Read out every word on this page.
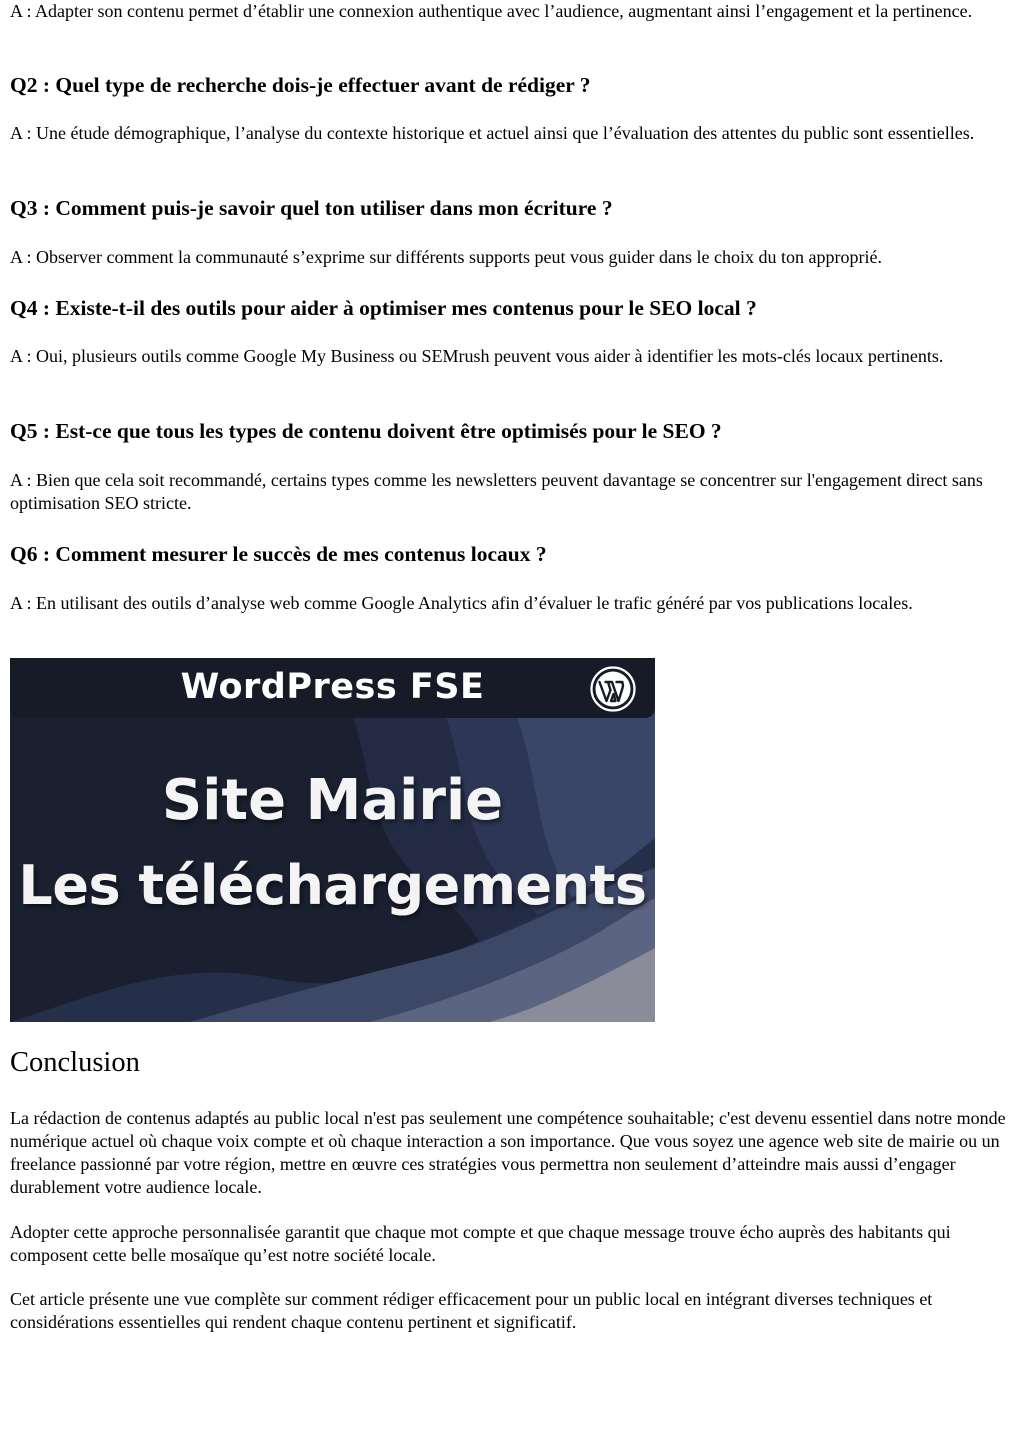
A : Adapter son contenu permet d’établir une connexion authentique avec l’audience, augmentant ainsi l’engagement et la pertinence.

Q2 : Quel type de recherche dois-je effectuer avant de rédiger ?

A : Une étude démographique, l’analyse du contexte historique et actuel ainsi que l’évaluation des attentes du public sont essentielles.

Q3 : Comment puis-je savoir quel ton utiliser dans mon écriture ?

A : Observer comment la communauté s’exprime sur différents supports peut vous guider dans le choix du ton approprié.

Q4 : Existe-t-il des outils pour aider à optimiser mes contenus pour le SEO local ?

A : Oui, plusieurs outils comme Google My Business ou SEMrush peuvent vous aider à identifier les mots-clés locaux pertinents.

Q5 : Est-ce que tous les types de contenu doivent être optimisés pour le SEO ?

A : Bien que cela soit recommandé, certains types comme les newsletters peuvent davantage se concentrer sur l'engagement direct sans optimisation SEO stricte.

Q6 : Comment mesurer le succès de mes contenus locaux ?

A : En utilisant des outils d’analyse web comme Google Analytics afin d’évaluer le trafic généré par vos publications locales.

WordPress FSE
Site Mairie
Les téléchargements
Conclusion

La rédaction de contenus adaptés au public local n'est pas seulement une compétence souhaitable; c'est devenu essentiel dans notre monde numérique actuel où chaque voix compte et où chaque interaction a son importance. Que vous soyez une agence web site de mairie ou un freelance passionné par votre région, mettre en œuvre ces stratégies vous permettra non seulement d’atteindre mais aussi d’engager durablement votre audience locale.

Adopter cette approche personnalisée garantit que chaque mot compte et que chaque message trouve écho auprès des habitants qui composent cette belle mosaïque qu’est notre société locale.

Cet article présente une vue complète sur comment rédiger efficacement pour un public local en intégrant diverses techniques et considérations essentielles qui rendent chaque contenu pertinent et significatif.
